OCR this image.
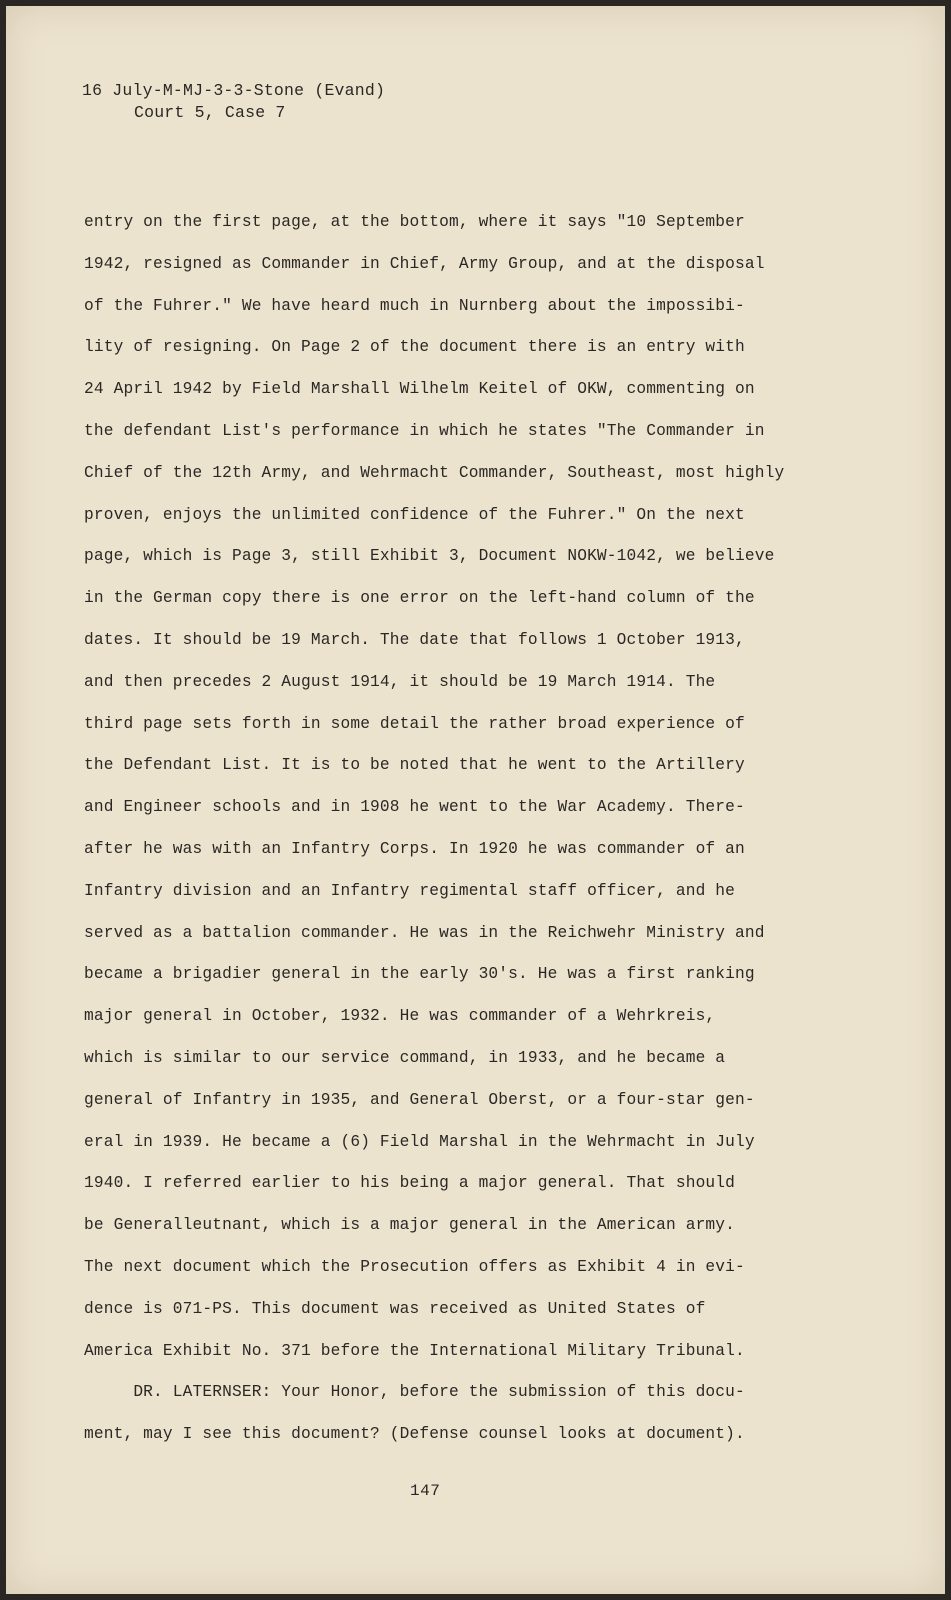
16 July-M-MJ-3-3-Stone (Evand)
Court 5, Case 7
entry on the first page, at the bottom, where it says "10 September
1942, resigned as Commander in Chief, Army Group, and at the disposal
of the Fuhrer." We have heard much in Nurnberg about the impossibi-
lity of resigning. On Page 2 of the document there is an entry with
24 April 1942 by Field Marshall Wilhelm Keitel of OKW, commenting on
the defendant List's performance in which he states "The Commander in
Chief of the 12th Army, and Wehrmacht Commander, Southeast, most highly
proven, enjoys the unlimited confidence of the Fuhrer." On the next
page, which is Page 3, still Exhibit 3, Document NOKW-1042, we believe
in the German copy there is one error on the left-hand column of the
dates. It should be 19 March. The date that follows 1 October 1913,
and then precedes 2 August 1914, it should be 19 March 1914. The
third page sets forth in some detail the rather broad experience of
the Defendant List. It is to be noted that he went to the Artillery
and Engineer schools and in 1908 he went to the War Academy. There-
after he was with an Infantry Corps. In 1920 he was commander of an
Infantry division and an Infantry regimental staff officer, and he
served as a battalion commander. He was in the Reichwehr Ministry and
became a brigadier general in the early 30's. He was a first ranking
major general in October, 1932. He was commander of a Wehrkreis,
which is similar to our service command, in 1933, and he became a
general of Infantry in 1935, and General Oberst, or a four-star gen-
eral in 1939. He became a (6) Field Marshal in the Wehrmacht in July
1940. I referred earlier to his being a major general. That should
be Generalleutnant, which is a major general in the American army.
The next document which the Prosecution offers as Exhibit 4 in evi-
dence is 071-PS. This document was received as United States of
America Exhibit No. 371 before the International Military Tribunal.
DR. LATERNSER: Your Honor, before the submission of this docu-
ment, may I see this document? (Defense counsel looks at document).
147
